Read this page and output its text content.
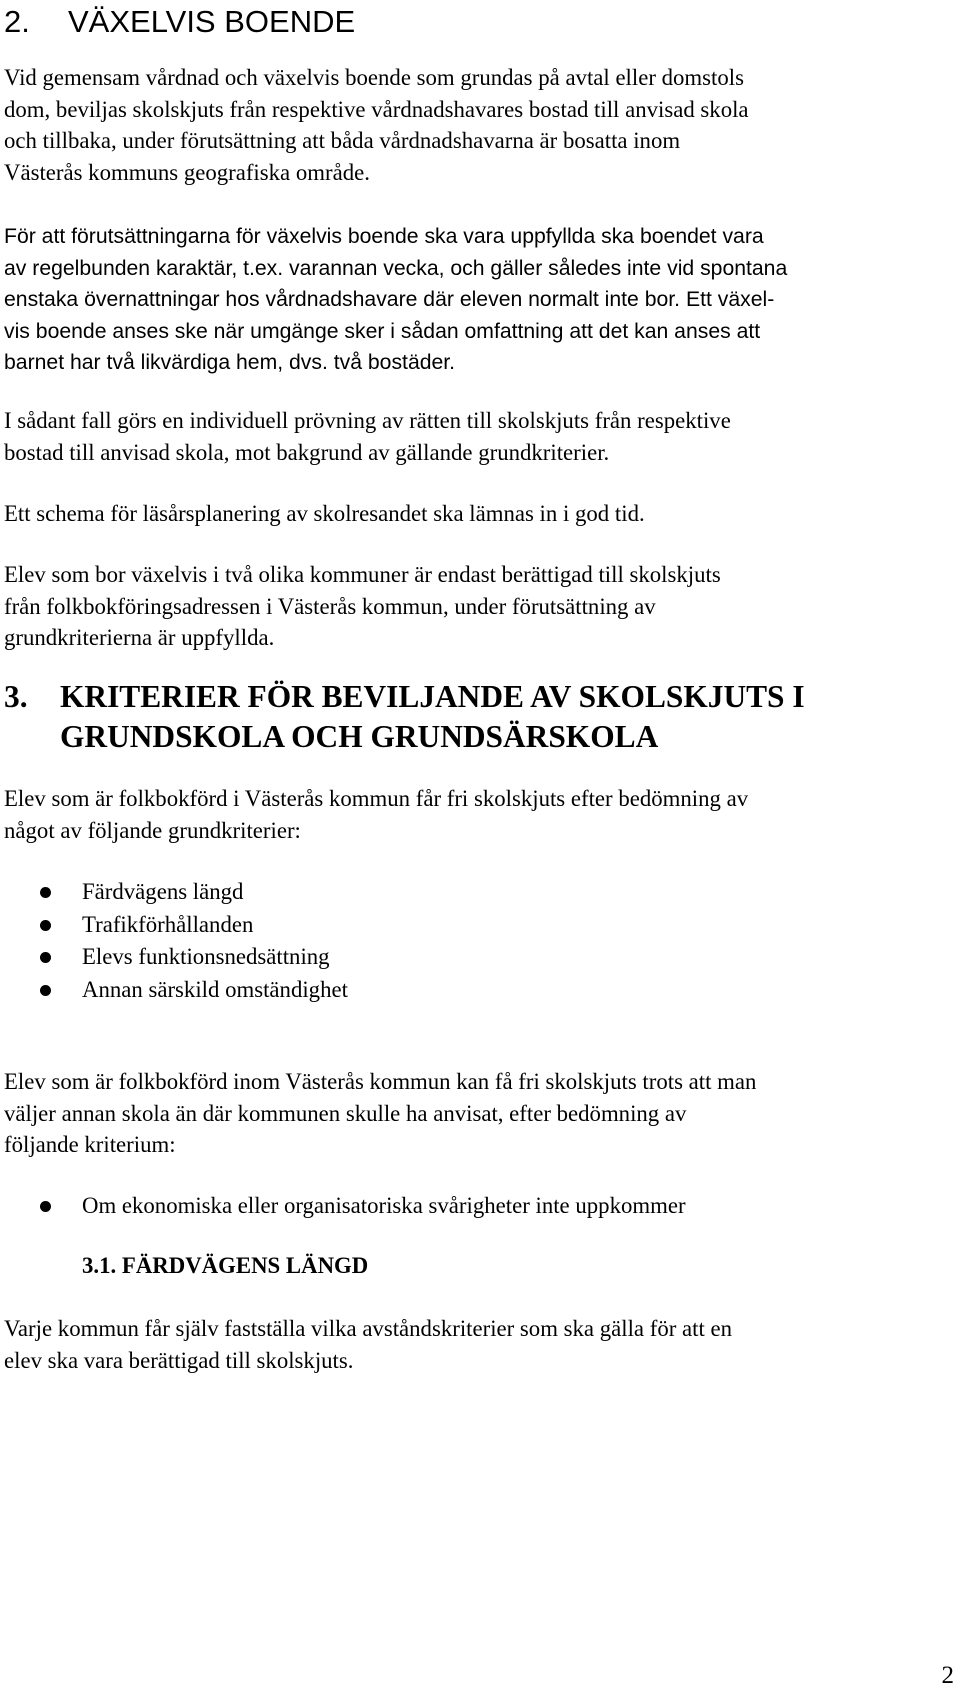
2. VÄXELVIS BOENDE

Vid gemensam vårdnad och växelvis boende som grundas på avtal eller domstols
dom, beviljas skolskjuts från respektive vårdnadshavares bostad till anvisad skola
och tillbaka, under förutsättning att båda vårdnadshavarna är bosatta inom
Västerås kommuns geografiska område.

För att förutsättningarna för växelvis boende ska vara uppfyllda ska boendet vara
av regelbunden karaktär, t.ex. varannan vecka, och gäller således inte vid spontana
enstaka övernattningar hos vårdnadshavare där eleven normalt inte bor. Ett växel-
vis boende anses ske när umgänge sker i sådan omfattning att det kan anses att
barnet har två likvärdiga hem, dvs. två bostäder.

I sådant fall görs en individuell prövning av rätten till skolskjuts från respektive
bostad till anvisad skola, mot bakgrund av gällande grundkriterier.

Ett schema för läsårsplanering av skolresandet ska lämnas in i god tid.

Elev som bor växelvis i två olika kommuner är endast berättigad till skolskjuts
från folkbokföringsadressen i Västerås kommun, under förutsättning av
grundkriterierna är uppfyllda.

3. KRITERIER FÖR BEVILJANDE AV SKOLSKJUTS I
GRUNDSKOLA OCH GRUNDSÄRSKOLA

Elev som är folkbokförd i Västerås kommun får fri skolskjuts efter bedömning av
något av följande grundkriterier:

Färdvägens längd
Trafikförhållanden
Elevs funktionsnedsättning
Annan särskild omständighet

Elev som är folkbokförd inom Västerås kommun kan få fri skolskjuts trots att man
väljer annan skola än där kommunen skulle ha anvisat, efter bedömning av
följande kriterium:

Om ekonomiska eller organisatoriska svårigheter inte uppkommer
3.1. FÄRDVÄGENS LÄNGD

Varje kommun får själv fastställa vilka avståndskriterier som ska gälla för att en
elev ska vara berättigad till skolskjuts.

2
